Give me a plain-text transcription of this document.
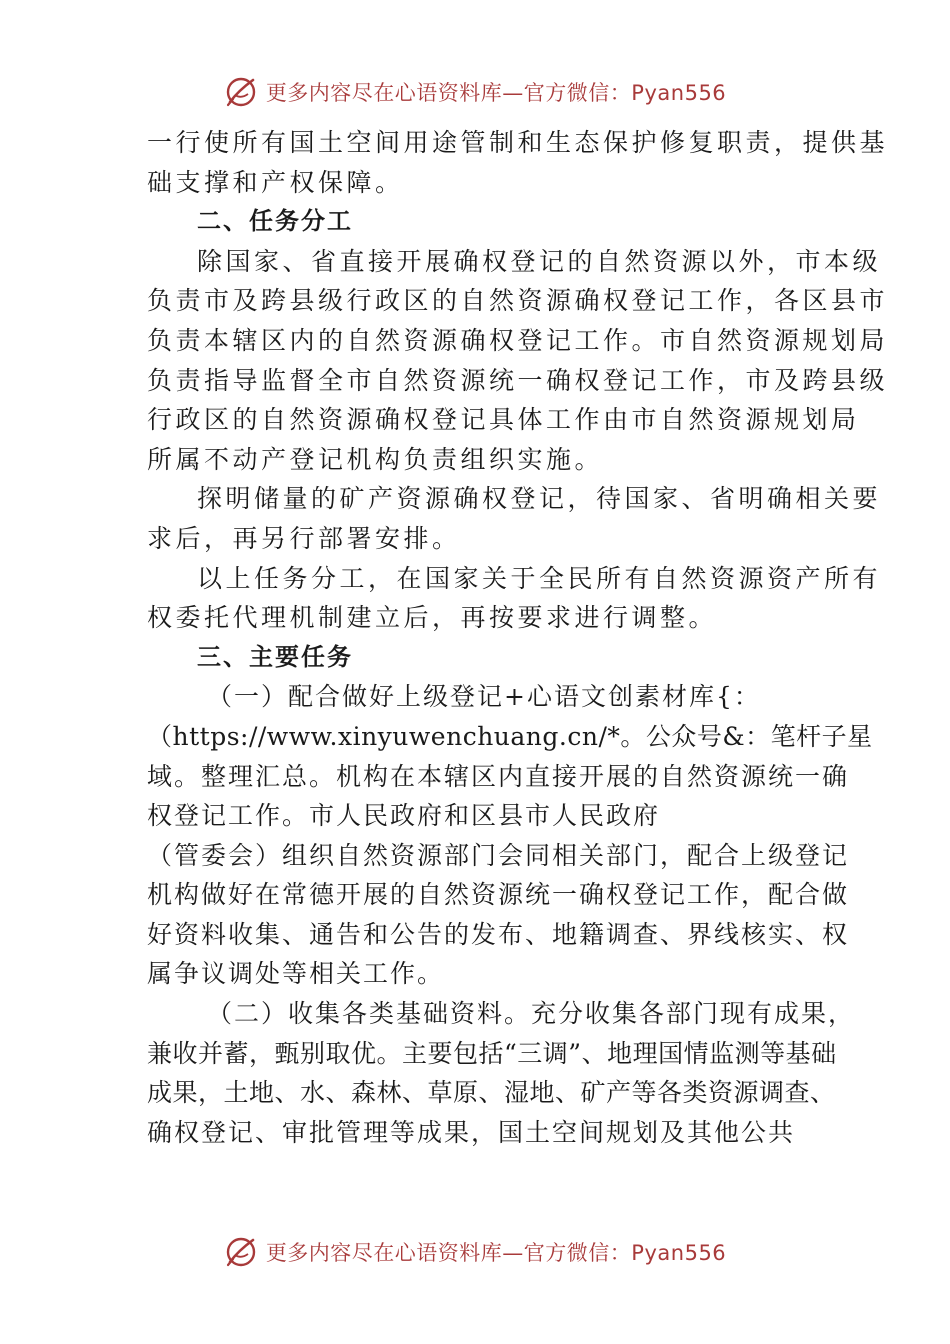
更多内容尽在心语资料库—官方微信：Pyan556
一行使所有国土空间用途管制和生态保护修复职责，提供基
础支撑和产权保障。
二、任务分工
除国家、省直接开展确权登记的自然资源以外，市本级
负责市及跨县级行政区的自然资源确权登记工作，各区县市
负责本辖区内的自然资源确权登记工作。市自然资源规划局
负责指导监督全市自然资源统一确权登记工作，市及跨县级
行政区的自然资源确权登记具体工作由市自然资源规划局
所属不动产登记机构负责组织实施。
探明储量的矿产资源确权登记，待国家、省明确相关要
求后，再另行部署安排。
以上任务分工，在国家关于全民所有自然资源资产所有
权委托代理机制建立后，再按要求进行调整。
三、主要任务
（一）配合做好上级登记+心语文创素材库{：
（https://www.xinyuwenchuang.cn/*。公众号&：笔杆子星
域。整理汇总。机构在本辖区内直接开展的自然资源统一确
权登记工作。市人民政府和区县市人民政府
（管委会）组织自然资源部门会同相关部门，配合上级登记
机构做好在常德开展的自然资源统一确权登记工作，配合做
好资料收集、通告和公告的发布、地籍调查、界线核实、权
属争议调处等相关工作。
（二）收集各类基础资料。充分收集各部门现有成果，
兼收并蓄，甄别取优。主要包括“三调”、地理国情监测等基础
成果，土地、水、森林、草原、湿地、矿产等各类资源调查、
确权登记、审批管理等成果，国土空间规划及其他公共
更多内容尽在心语资料库—官方微信：Pyan556
